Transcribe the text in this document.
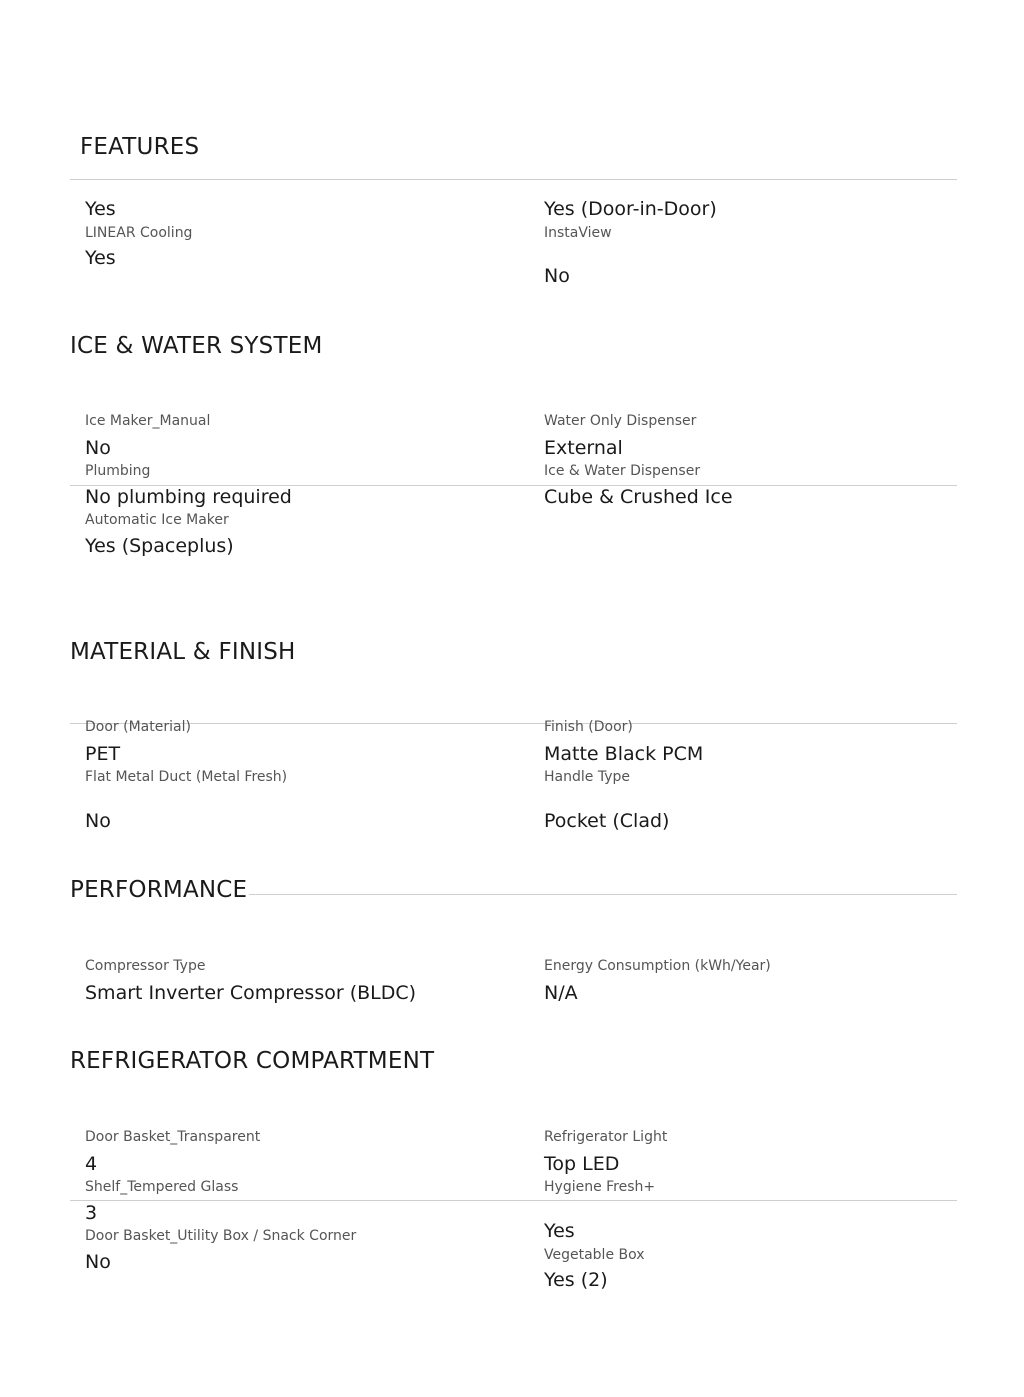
FEATURES
Yes
LINEAR Cooling
Yes
Yes (Door-in-Door)
InstaView
No
ICE & WATER SYSTEM
Ice Maker_Manual
No
Plumbing
No plumbing required
Automatic Ice Maker
Yes (Spaceplus)
Water Only Dispenser
External
Ice & Water Dispenser
Cube & Crushed Ice
MATERIAL & FINISH
Door (Material)
PET
Flat Metal Duct (Metal Fresh)
No
Finish (Door)
Matte Black PCM
Handle Type
Pocket (Clad)
PERFORMANCE
Compressor Type
Smart Inverter Compressor (BLDC)
Energy Consumption (kWh/Year)
N/A
REFRIGERATOR COMPARTMENT
Door Basket_Transparent
4
Shelf_Tempered Glass
3
Door Basket_Utility Box / Snack Corner
No
Refrigerator Light
Top LED
Hygiene Fresh+
Yes
Vegetable Box
Yes (2)
